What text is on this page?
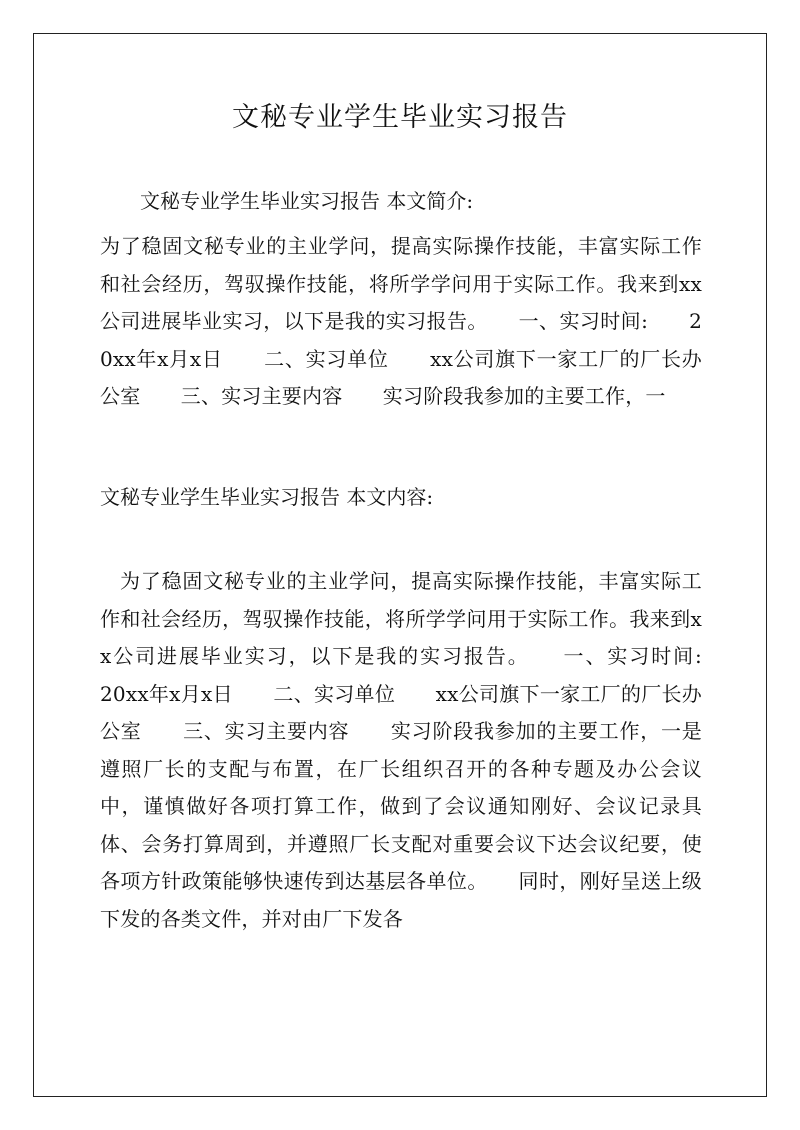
文秘专业学生毕业实习报告
文秘专业学生毕业实习报告 本文简介:
为了稳固文秘专业的主业学问，提高实际操作技能，丰富实际工作和社会经历，驾驭操作技能，将所学学问用于实际工作。我来到xx公司进展毕业实习，以下是我的实习报告。　　一、实习时间:　　20xx年x月x日　　二、实习单位　　xx公司旗下一家工厂的厂长办公室　　三、实习主要内容　　实习阶段我参加的主要工作，一
文秘专业学生毕业实习报告 本文内容:
为了稳固文秘专业的主业学问，提高实际操作技能，丰富实际工作和社会经历，驾驭操作技能，将所学学问用于实际工作。我来到xx公司进展毕业实习，以下是我的实习报告。　　一、实习时间:　　20xx年x月x日　　二、实习单位　　xx公司旗下一家工厂的厂长办公室　　三、实习主要内容　　实习阶段我参加的主要工作，一是遵照厂长的支配与布置，在厂长组织召开的各种专题及办公会议中，谨慎做好各项打算工作，做到了会议通知刚好、会议记录具体、会务打算周到，并遵照厂长支配对重要会议下达会议纪要，使各项方针政策能够快速传到达基层各单位。　　同时，刚好呈送上级下发的各类文件，并对由厂下发各
